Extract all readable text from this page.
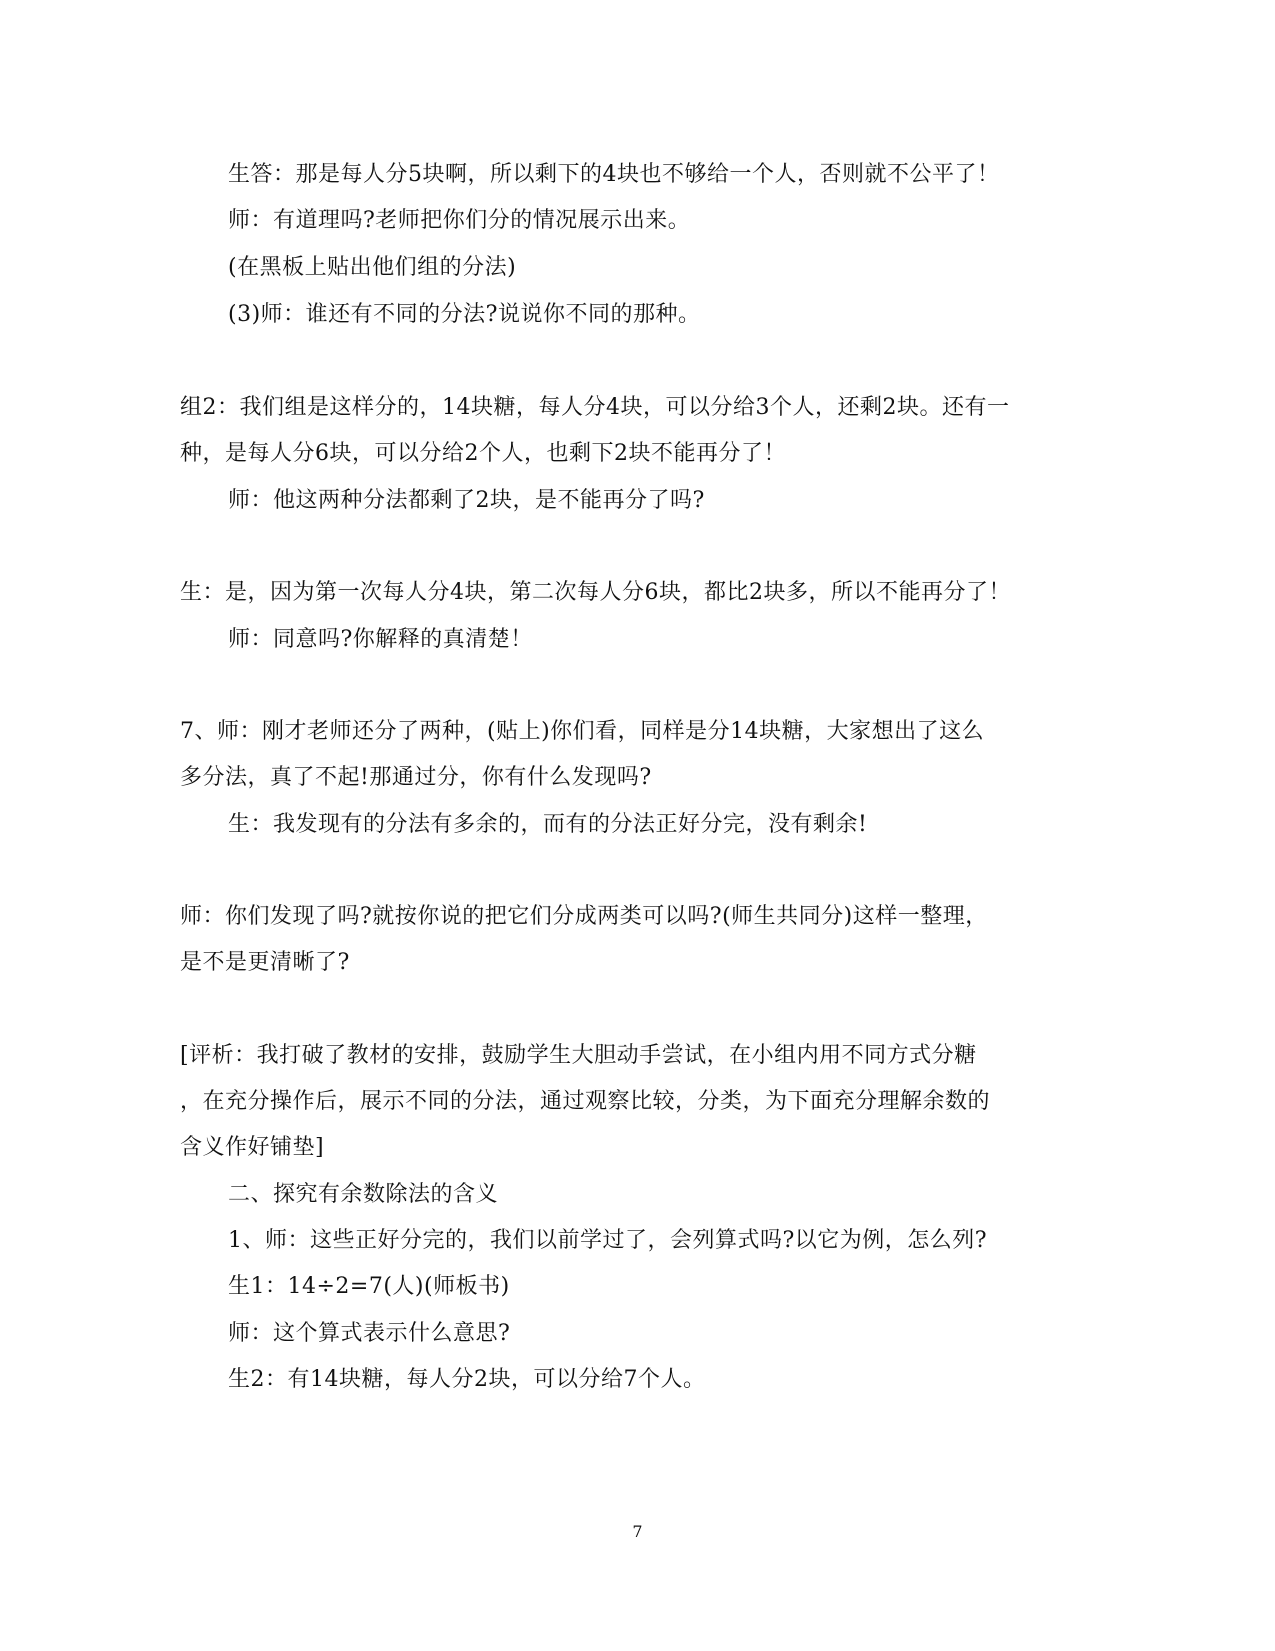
生答：那是每人分5块啊，所以剩下的4块也不够给一个人，否则就不公平了！
师：有道理吗?老师把你们分的情况展示出来。
(在黑板上贴出他们组的分法)
(3)师：谁还有不同的分法?说说你不同的那种。
组2：我们组是这样分的，14块糖，每人分4块，可以分给3个人，还剩2块。还有一
种，是每人分6块，可以分给2个人，也剩下2块不能再分了！
师：他这两种分法都剩了2块，是不能再分了吗?
生：是，因为第一次每人分4块，第二次每人分6块，都比2块多，所以不能再分了！
师：同意吗?你解释的真清楚！
7、师：刚才老师还分了两种，(贴上)你们看，同样是分14块糖，大家想出了这么
多分法，真了不起!那通过分，你有什么发现吗?
生：我发现有的分法有多余的，而有的分法正好分完，没有剩余!
师：你们发现了吗?就按你说的把它们分成两类可以吗?(师生共同分)这样一整理，
是不是更清晰了?
[评析：我打破了教材的安排，鼓励学生大胆动手尝试，在小组内用不同方式分糖
，在充分操作后，展示不同的分法，通过观察比较，分类，为下面充分理解余数的
含义作好铺垫]
二、探究有余数除法的含义
1、师：这些正好分完的，我们以前学过了，会列算式吗?以它为例，怎么列?
生1：14÷2=7(人)(师板书)
师：这个算式表示什么意思?
生2：有14块糖，每人分2块，可以分给7个人。
7
